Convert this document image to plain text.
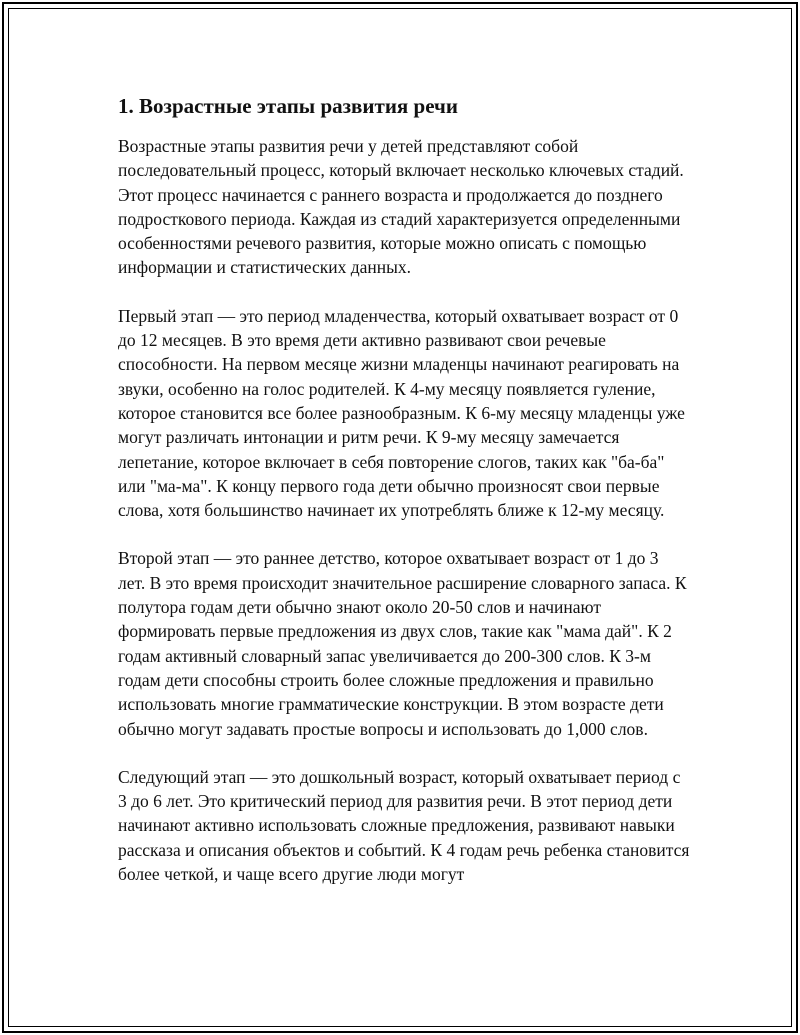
1. Возрастные этапы развития речи

Возрастные этапы развития речи у детей представляют собой последовательный процесс, который включает несколько ключевых стадий. Этот процесс начинается с раннего возраста и продолжается до позднего подросткового периода. Каждая из стадий характеризуется определенными особенностями речевого развития, которые можно описать с помощью информации и статистических данных.

Первый этап — это период младенчества, который охватывает возраст от 0 до 12 месяцев. В это время дети активно развивают свои речевые способности. На первом месяце жизни младенцы начинают реагировать на звуки, особенно на голос родителей. К 4-му месяцу появляется гуление, которое становится все более разнообразным. К 6-му месяцу младенцы уже могут различать интонации и ритм речи. К 9-му месяцу замечается лепетание, которое включает в себя повторение слогов, таких как "ба-ба" или "ма-ма". К концу первого года дети обычно произносят свои первые слова, хотя большинство начинает их употреблять ближе к 12-му месяцу.

Второй этап — это раннее детство, которое охватывает возраст от 1 до 3 лет. В это время происходит значительное расширение словарного запаса. К полутора годам дети обычно знают около 20-50 слов и начинают формировать первые предложения из двух слов, такие как "мама дай". К 2 годам активный словарный запас увеличивается до 200-300 слов. К 3-м годам дети способны строить более сложные предложения и правильно использовать многие грамматические конструкции. В этом возрасте дети обычно могут задавать простые вопросы и использовать до 1,000 слов.

Следующий этап — это дошкольный возраст, который охватывает период с 3 до 6 лет. Это критический период для развития речи. В этот период дети начинают активно использовать сложные предложения, развивают навыки рассказа и описания объектов и событий. К 4 годам речь ребенка становится более четкой, и чаще всего другие люди могут
